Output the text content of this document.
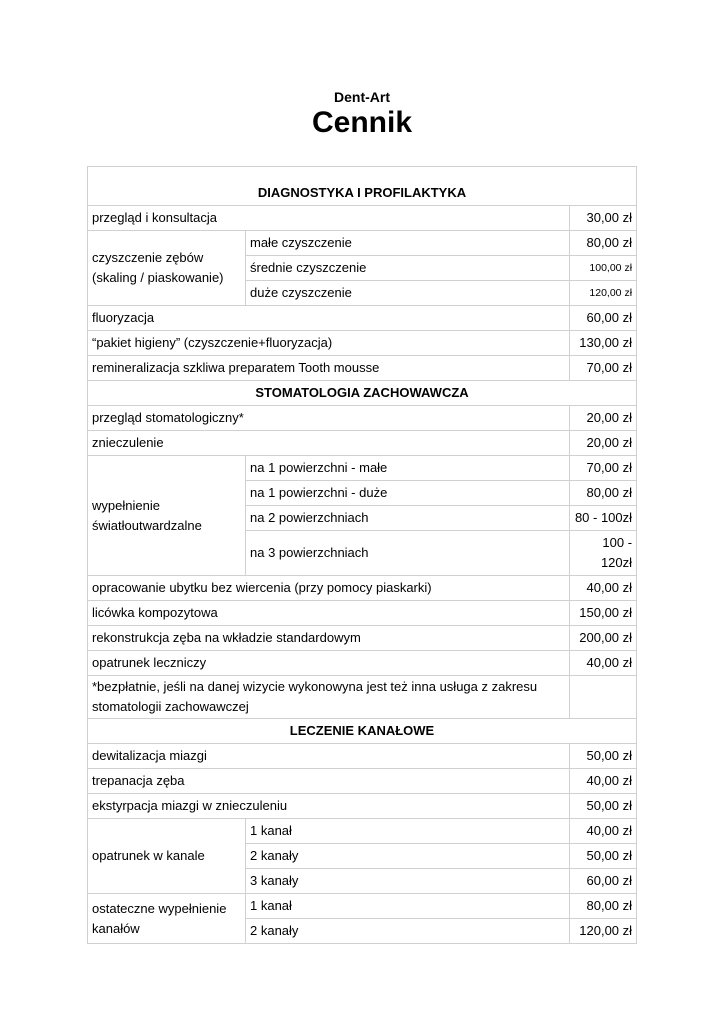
Dent-Art
Cennik
DIAGNOSTYKA I PROFILAKTYKA		
przegląd i konsultacja		30,00 zł
czyszczenie zębów (skaling / piaskowanie)	małe czyszczenie	80,00 zł
	średnie czyszczenie	100,00 zł
	duże czyszczenie	120,00 zł
fluoryzacja		60,00 zł
“pakiet higieny” (czyszczenie+fluoryzacja)		130,00 zł
remineralizacja szkliwa preparatem Tooth mousse		70,00 zł
STOMATOLOGIA ZACHOWAWCZA		
przegląd stomatologiczny*		20,00 zł
znieczulenie		20,00 zł
wypełnienie światłoutwardzalne	na 1 powierzchni - małe	70,00 zł
	na 1 powierzchni - duże	80,00 zł
	na 2 powierzchniach	80 - 100zł
	na 3 powierzchniach	100 - 120zł
opracowanie ubytku bez wiercenia (przy pomocy piaskarki)		40,00 zł
licówka kompozytowa		150,00 zł
rekonstrukcja zęba na wkładzie standardowym		200,00 zł
opatrunek leczniczy		40,00 zł
*bezpłatnie, jeśli na danej wizycie wykonowyna jest też inna usługa z zakresu stomatologii zachowawczej		
LECZENIE KANAŁOWE		
dewitalizacja miazgi		50,00 zł
trepanacja zęba		40,00 zł
ekstyrpacja miazgi w znieczuleniu		50,00 zł
opatrunek w kanale	1 kanał	40,00 zł
	2 kanały	50,00 zł
	3 kanały	60,00 zł
ostateczne wypełnienie kanałów	1 kanał	80,00 zł
	2 kanały	120,00 zł
